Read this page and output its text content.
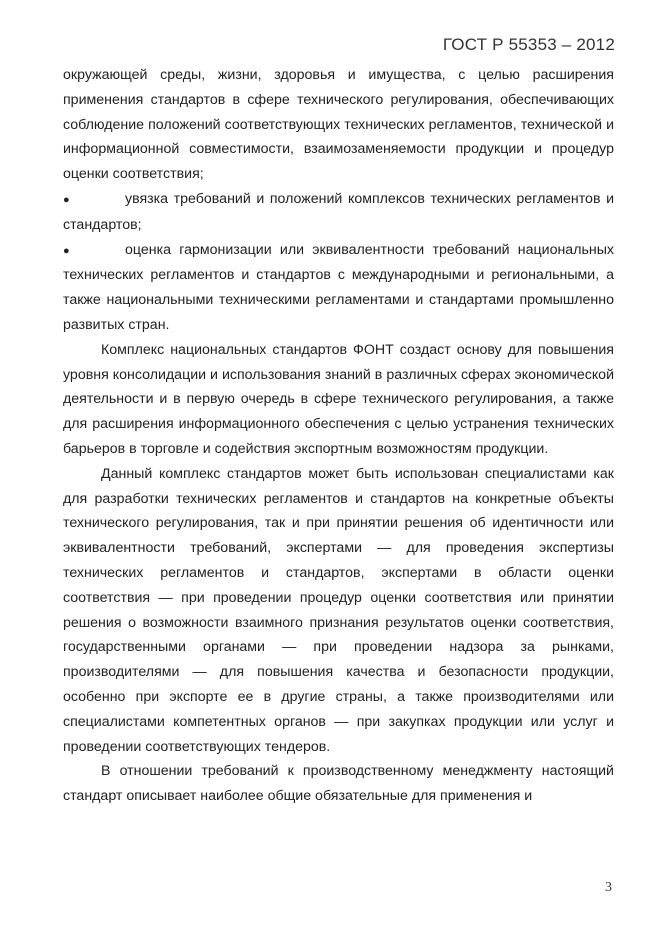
ГОСТ Р 55353 – 2012

окружающей среды, жизни, здоровья и имущества, с целью расширения применения стандартов в сфере технического регулирования, обеспечивающих соблюдение положений соответствующих технических регламентов, технической и информационной совместимости, взаимозаменяемости продукции и процедур оценки соответствия;

●	увязка требований и положений комплексов технических регламентов и стандартов;

●	оценка гармонизации или эквивалентности требований национальных технических регламентов и стандартов с международными и региональными, а также национальными техническими регламентами и стандартами промышленно развитых стран.

Комплекс национальных стандартов ФОНТ создаст основу для повышения уровня консолидации и использования знаний в различных сферах экономической деятельности и в первую очередь в сфере технического регулирования, а также для расширения информационного обеспечения с целью устранения технических барьеров в торговле и содействия экспортным возможностям продукции.

Данный комплекс стандартов может быть использован специалистами как для разработки технических регламентов и стандартов на конкретные объекты технического регулирования, так и при принятии решения об идентичности или эквивалентности требований, экспертами — для проведения экспертизы технических регламентов и стандартов, экспертами в области оценки соответствия — при проведении процедур оценки соответствия или принятии решения о возможности взаимного признания результатов оценки соответствия, государственными органами — при проведении надзора за рынками, производителями — для повышения качества и безопасности продукции, особенно при экспорте ее в другие страны, а также производителями или специалистами компетентных органов — при закупках продукции или услуг и проведении соответствующих тендеров.

В отношении требований к производственному менеджменту настоящий стандарт описывает наиболее общие обязательные для применения и

3
